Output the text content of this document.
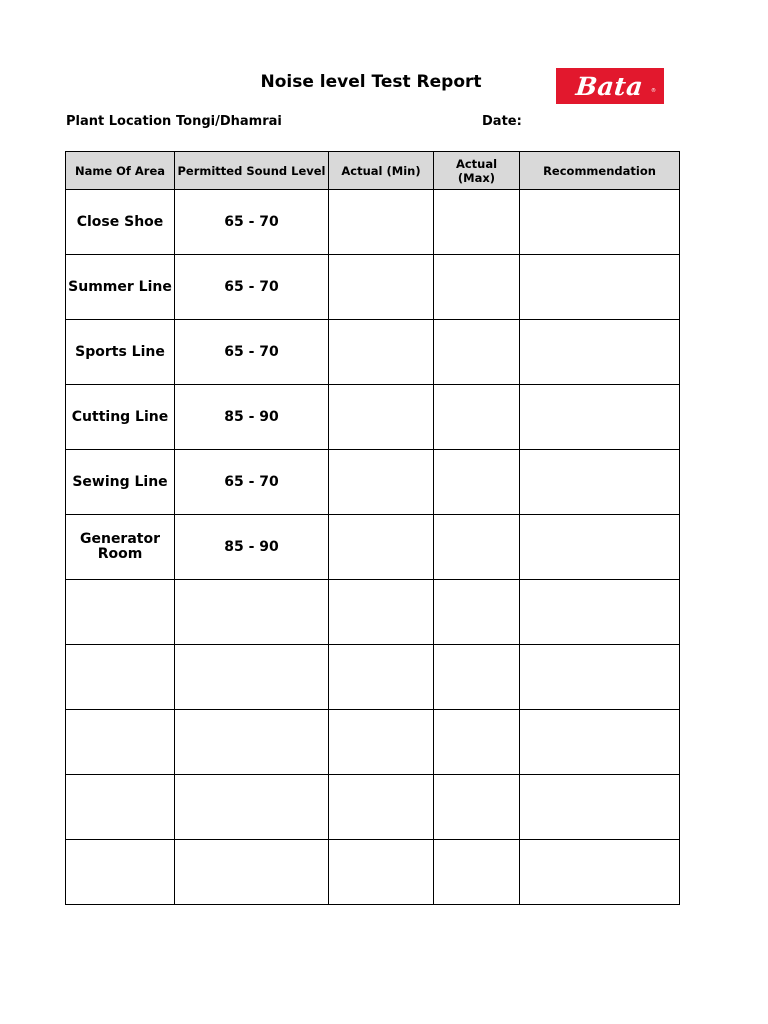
Noise level Test Report	Bata $_®$
Plant Location Tongi/Dhamrai	Date:
Name Of Area	Permitted Sound Level	Actual (Min)	Actual (Max)	Recommendation
Close Shoe	65 - 70			
Summer Line	65 - 70			
Sports Line	65 - 70			
Cutting Line	85 - 90			
Sewing Line	65 - 70			
Generator Room	85 - 90			
